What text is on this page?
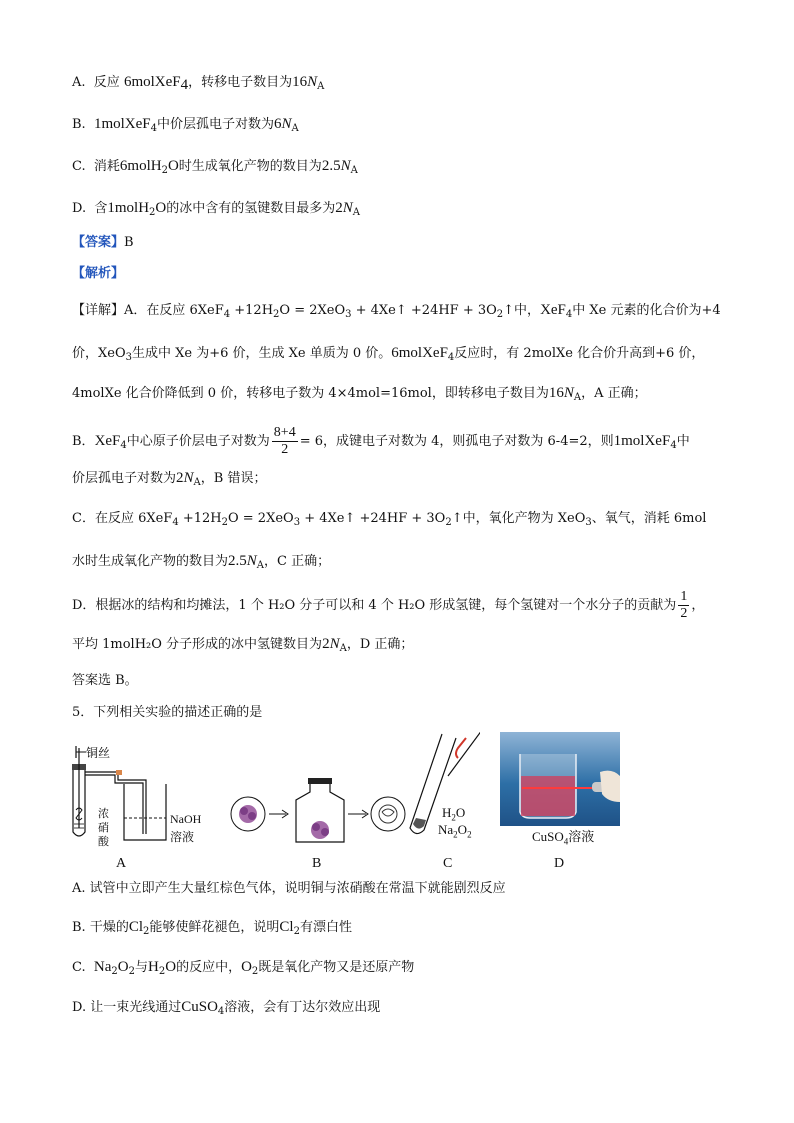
A. 反应 6molXeF$_4$，转移电子数目为$16N_A$
B. 1molXeF$_4$中价层孤电子对数为$6N_A$
C. 消耗6molH$_2$O时生成氧化产物的数目为$2.5N_A$
D. 含1molH$_2$O的冰中含有的氢键数目最多为$2N_A$
【答案】B
【解析】
【详解】A．在反应 $6XeF_4 +12H_2O = 2XeO_3$ + 4Xe↑ $+24HF + 3O_2↑$中，XeF$_4$中 Xe 元素的化合价为+4
价，XeO$_3$生成中 Xe 为+6 价，生成 Xe 单质为 0 价。6molXeF$_4$反应时，有 2molXe 化合价升高到+6 价，
4molXe 化合价降低到 0 价，转移电子数为 4×4mol=16mol，即转移电子数目为$16N_A$，A 正确；
B．XeF$_4$中心原子价层电子对数为 $\frac{8+4}{2} = 6$，成键电子对数为 4，则孤电子对数为 6-4=2，则1molXeF$_4$中
价层孤电子对数为$2N_A$，B 错误；
C．在反应 $6XeF_4 +12H_2O = 2XeO_3$ + 4Xe↑ $+24HF + 3O_2↑$中，氧化产物为 XeO$_3$、氧气，消耗 6mol
水时生成氧化产物的数目为$2.5N_A$，C 正确；
D．根据冰的结构和均摊法，1 个 H₂O 分子可以和 4 个 H₂O 形成氢键，每个氢键对一个水分子的贡献为 $\frac{1}{2}$ ，
平均 1molH₂O 分子形成的冰中氢键数目为$2N_A$，D 正确；
答案选 B。
5．下列相关实验的描述正确的是
铜丝
浓
硝
酸
NaOH
溶液
$H_2O$
$Na_2O_2$	CuSO$_4$溶液
A	B	C	D
A. 试管中立即产生大量红棕色气体，说明铜与浓硝酸在常温下就能剧烈反应
B. 干燥的$Cl_2$能够使鲜花褪色，说明$Cl_2$有漂白性
C. $Na_2O_2$与$H_2O$的反应中，$O_2$既是氧化产物又是还原产物
D. 让一束光线通过CuSO$_4$溶液，会有丁达尔效应出现
